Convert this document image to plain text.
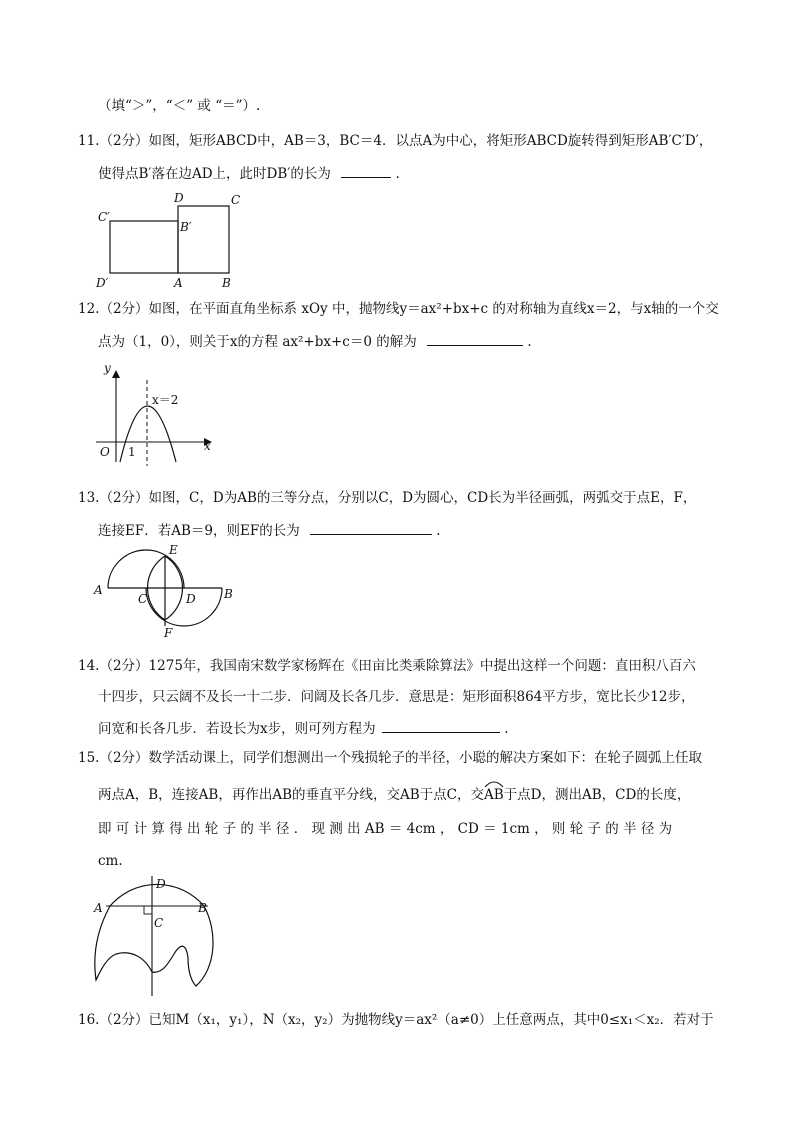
（填“＞”，“＜” 或 “＝”）.
11.（2分）如图，矩形ABCD中，AB＝3，BC＝4．以点A为中心，将矩形ABCD旋转得到矩形AB′C′D′，
使得点B′落在边AD上，此时DB′的长为	.
D	C
C′
B′
D′	A	B
12.（2分）如图，在平面直角坐标系 xOy 中，抛物线y＝ax²+bx+c 的对称轴为直线x＝2，与x轴的一个交
点为（1，0），则关于x的方程 ax²+bx+c＝0 的解为	.
y
x
O 1
x＝2
13.（2分）如图，C，D为AB的三等分点，分别以C，D为圆心，CD长为半径画弧，两弧交于点E，F，
连接EF．若AB＝9，则EF的长为	.
E
A
C	D B
F
14.（2分）1275年，我国南宋数学家杨辉在《田亩比类乘除算法》中提出这样一个问题：直田积八百六
十四步，只云阔不及长一十二步．问阔及长各几步．意思是：矩形面积864平方步，宽比长少12步，
问宽和长各几步．若设长为x步，则可列方程为	.
15.（2分）数学活动课上，同学们想测出一个残损轮子的半径，小聪的解决方案如下：在轮子圆弧上任取
两点A，B，连接AB，再作出AB的垂直平分线，交AB于点C，交
AB于点D，测出AB，CD的长度，
即 可 计 算 得 出 轮 子 的 半 径 ． 现 测 出 AB ＝ 4cm ， CD ＝ 1cm ， 则 轮 子 的 半 径 为
cm.
D
A	B
C
16.（2分）已知M（x₁，y₁），N（x₂，y₂）为抛物线y＝ax²（a≠0）上任意两点，其中0≤x₁＜x₂．若对于
